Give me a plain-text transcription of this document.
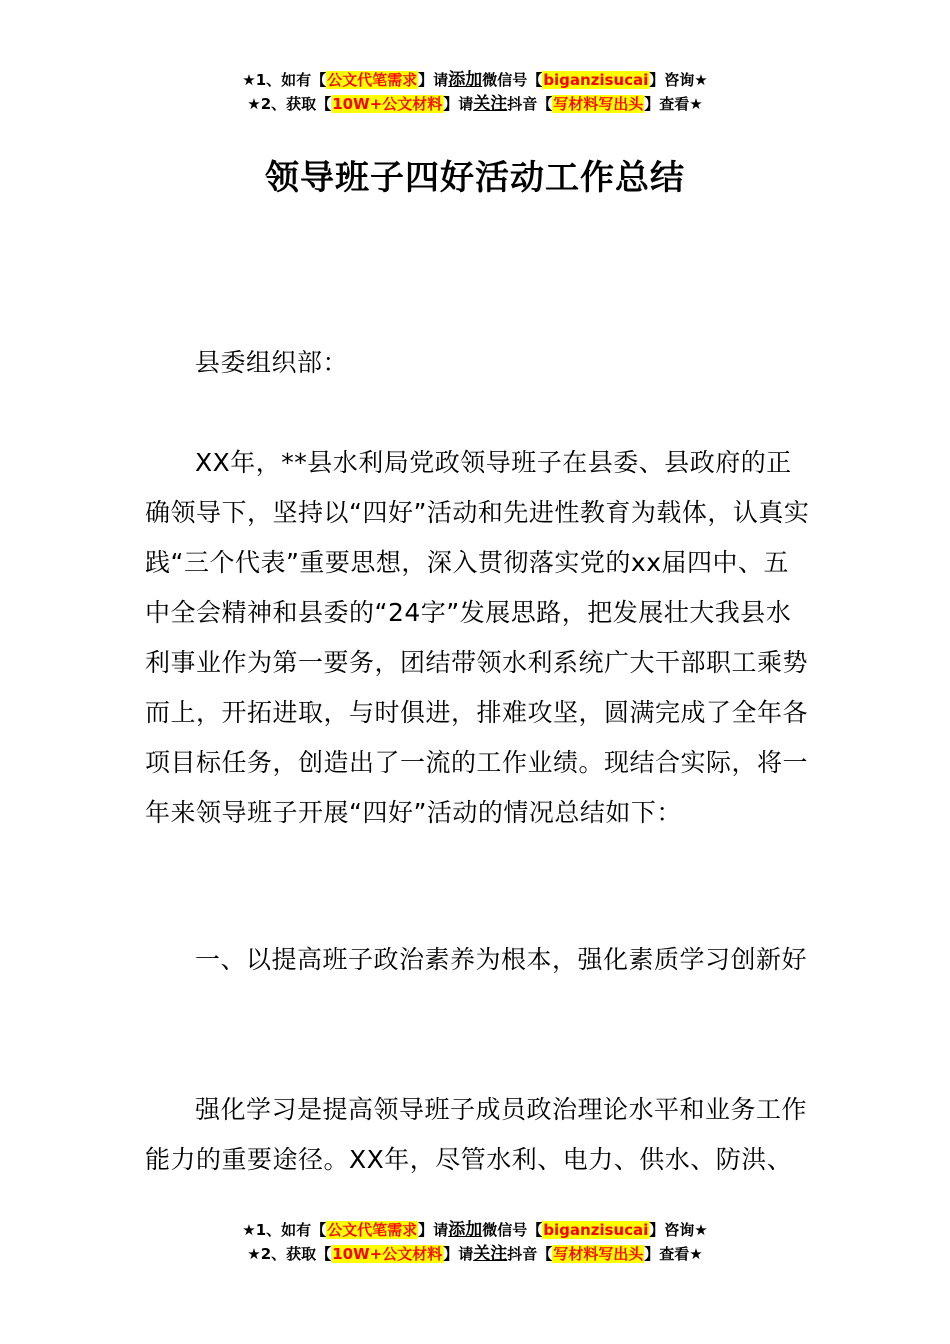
★1、如有【公文代笔需求】请添加微信号【biganzisucai】咨询★
★2、获取【10W+公文材料】请关注抖音【写材料写出头】查看★
领导班子四好活动工作总结

县委组织部：

XX年，**县水利局党政领导班子在县委、县政府的正确领导下，坚持以“四好”活动和先进性教育为载体，认真实践“三个代表”重要思想，深入贯彻落实党的xx届四中、五中全会精神和县委的“24字”发展思路，把发展壮大我县水利事业作为第一要务，团结带领水利系统广大干部职工乘势而上，开拓进取，与时俱进，排难攻坚，圆满完成了全年各项目标任务，创造出了一流的工作业绩。现结合实际，将一年来领导班子开展“四好”活动的情况总结如下：

一、以提高班子政治素养为根本，强化素质学习创新好

强化学习是提高领导班子成员政治理论水平和业务工作能力的重要途径。XX年，尽管水利、电力、供水、防洪、

★1、如有【公文代笔需求】请添加微信号【biganzisucai】咨询★
★2、获取【10W+公文材料】请关注抖音【写材料写出头】查看★
